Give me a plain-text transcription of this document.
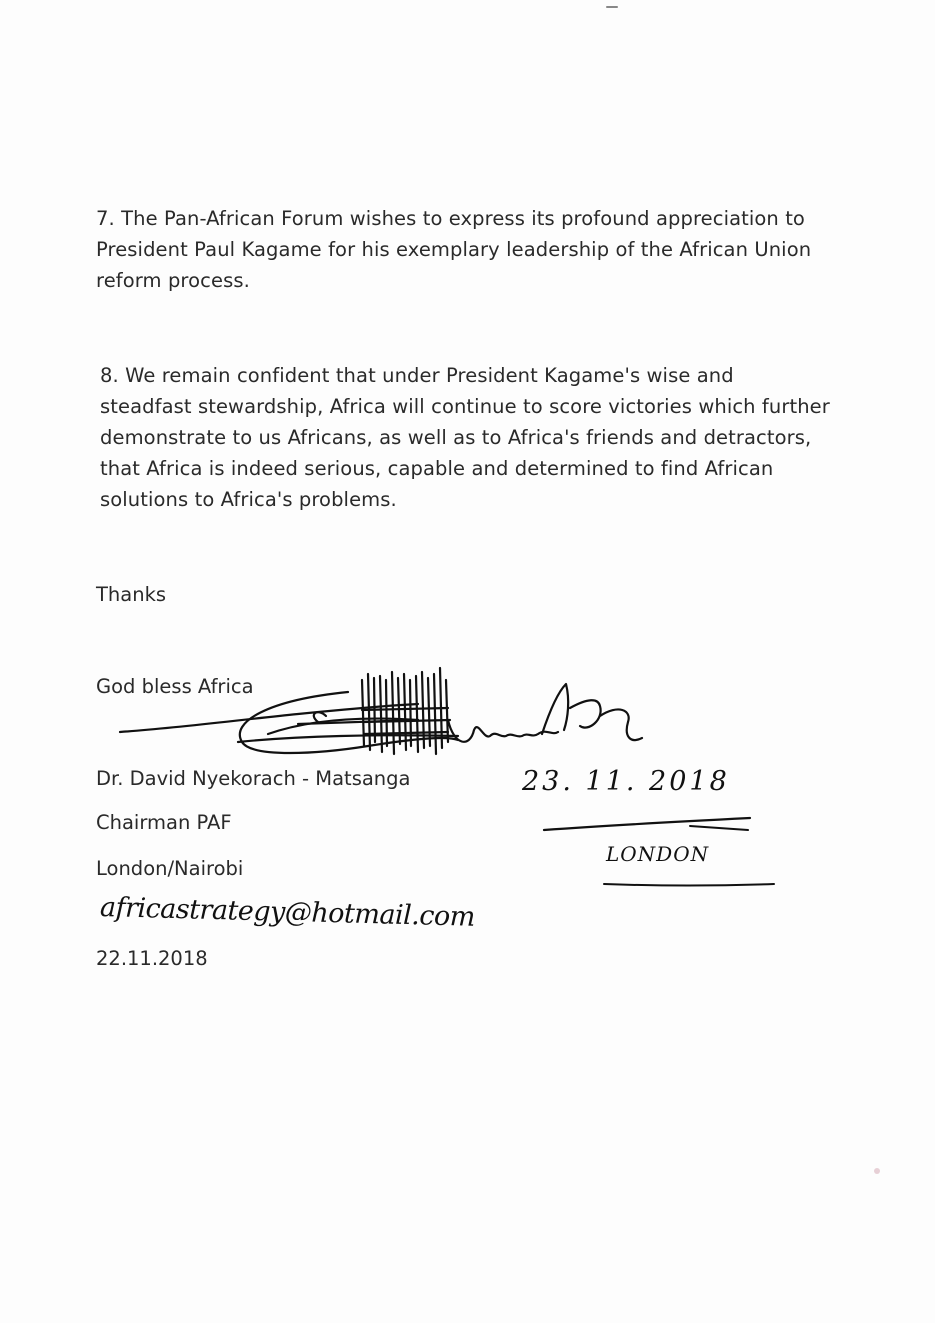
7. The Pan-African Forum wishes to express its profound appreciation to President Paul Kagame for his exemplary leadership of the African Union reform process.

8. We remain confident that under President Kagame's wise and steadfast stewardship, Africa will continue to score victories which further demonstrate to us Africans, as well as to Africa's friends and detractors, that Africa is indeed serious, capable and determined to find African solutions to Africa's problems.

Thanks

God bless Africa

Dr. David Nyekorach - Matsanga	23. 11. 2018

Chairman PAF

London/Nairobi

LONDON
africastrategy@hotmail.com

22.11.2018
